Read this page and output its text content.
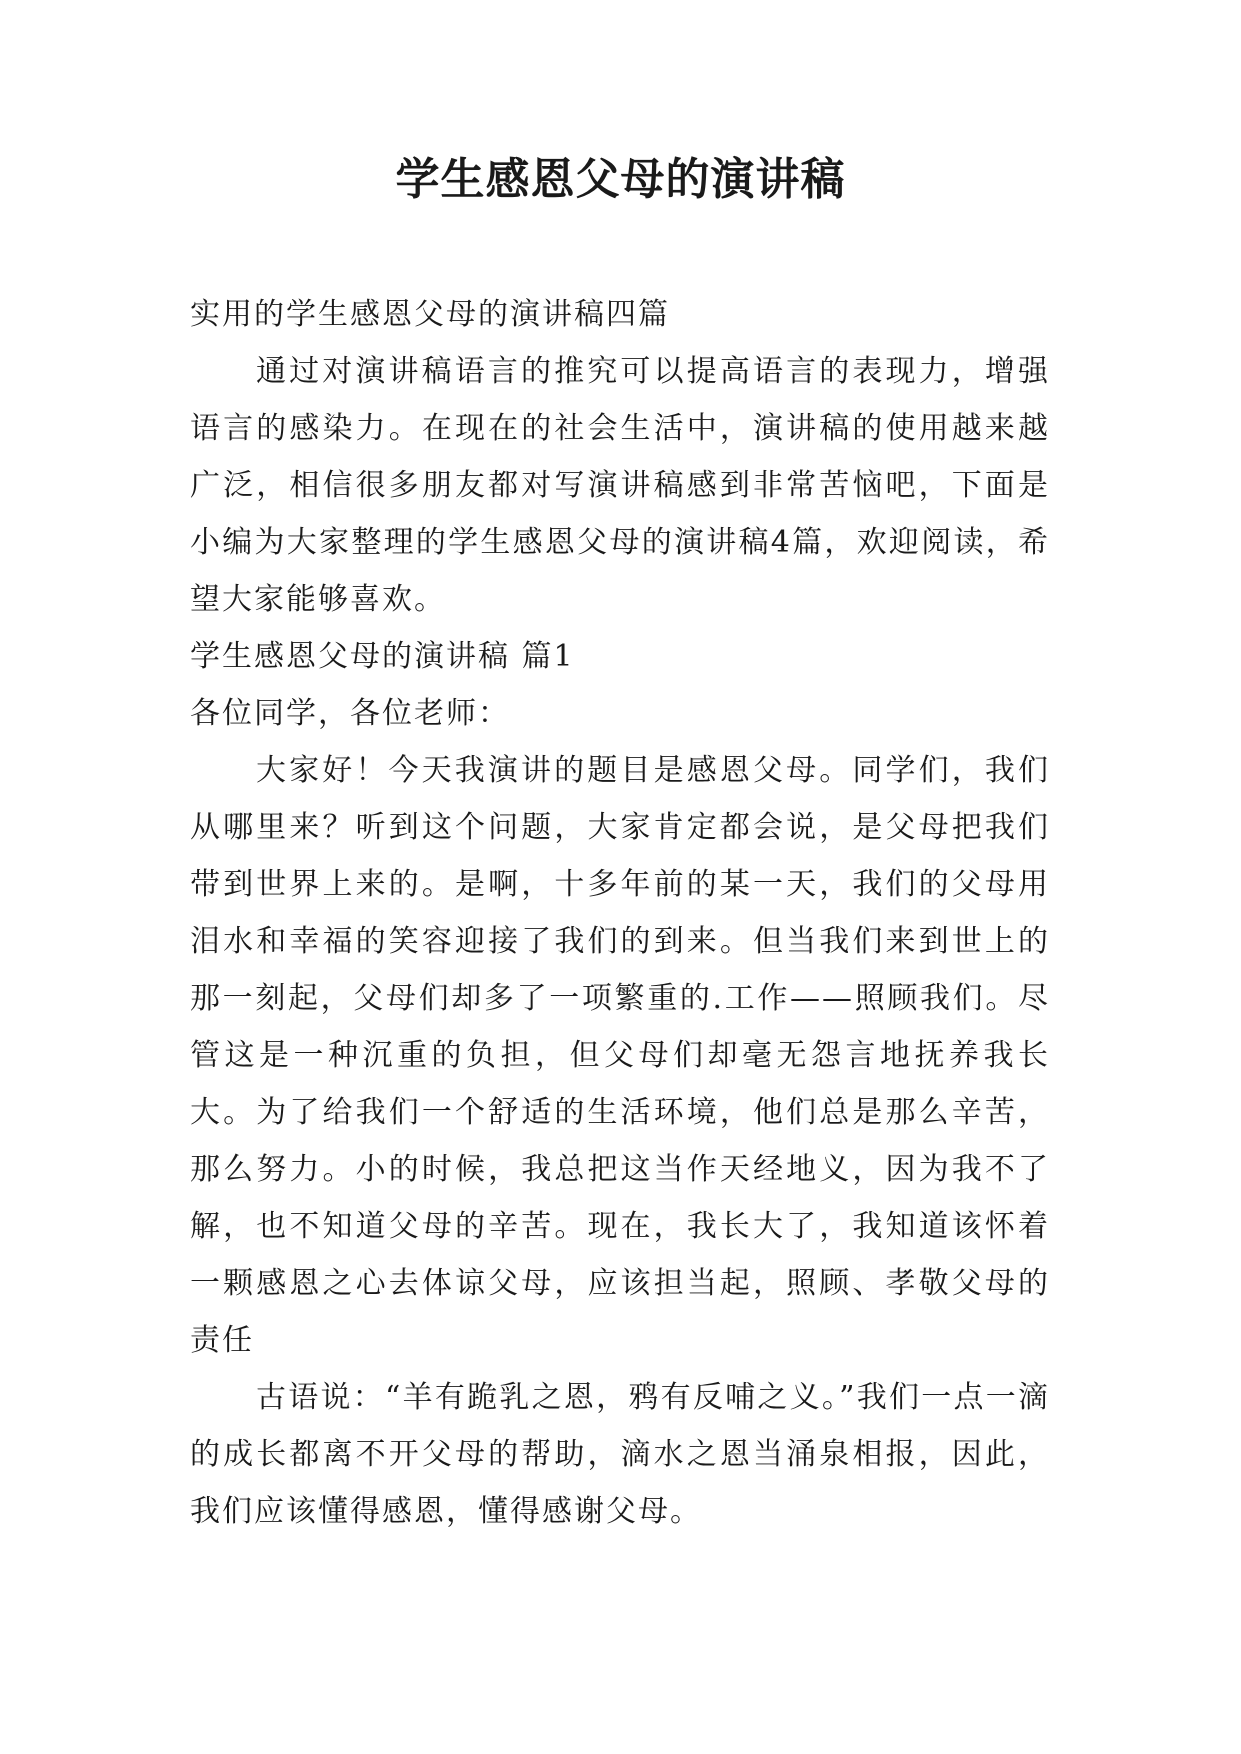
学生感恩父母的演讲稿

实用的学生感恩父母的演讲稿四篇

通过对演讲稿语言的推究可以提高语言的表现力，增强语言的感染力。在现在的社会生活中，演讲稿的使用越来越广泛，相信很多朋友都对写演讲稿感到非常苦恼吧，下面是小编为大家整理的学生感恩父母的演讲稿4篇，欢迎阅读，希望大家能够喜欢。

学生感恩父母的演讲稿 篇1

各位同学，各位老师：

大家好！今天我演讲的题目是感恩父母。同学们，我们从哪里来？听到这个问题，大家肯定都会说，是父母把我们带到世界上来的。是啊，十多年前的某一天，我们的父母用泪水和幸福的笑容迎接了我们的到来。但当我们来到世上的那一刻起，父母们却多了一项繁重的.工作——照顾我们。尽管这是一种沉重的负担，但父母们却毫无怨言地抚养我长大。为了给我们一个舒适的生活环境，他们总是那么辛苦，那么努力。小的时候，我总把这当作天经地义，因为我不了解，也不知道父母的辛苦。现在，我长大了，我知道该怀着一颗感恩之心去体谅父母，应该担当起，照顾、孝敬父母的责任

古语说：“羊有跪乳之恩，鸦有反哺之义。”我们一点一滴的成长都离不开父母的帮助，滴水之恩当涌泉相报，因此，我们应该懂得感恩，懂得感谢父母。
